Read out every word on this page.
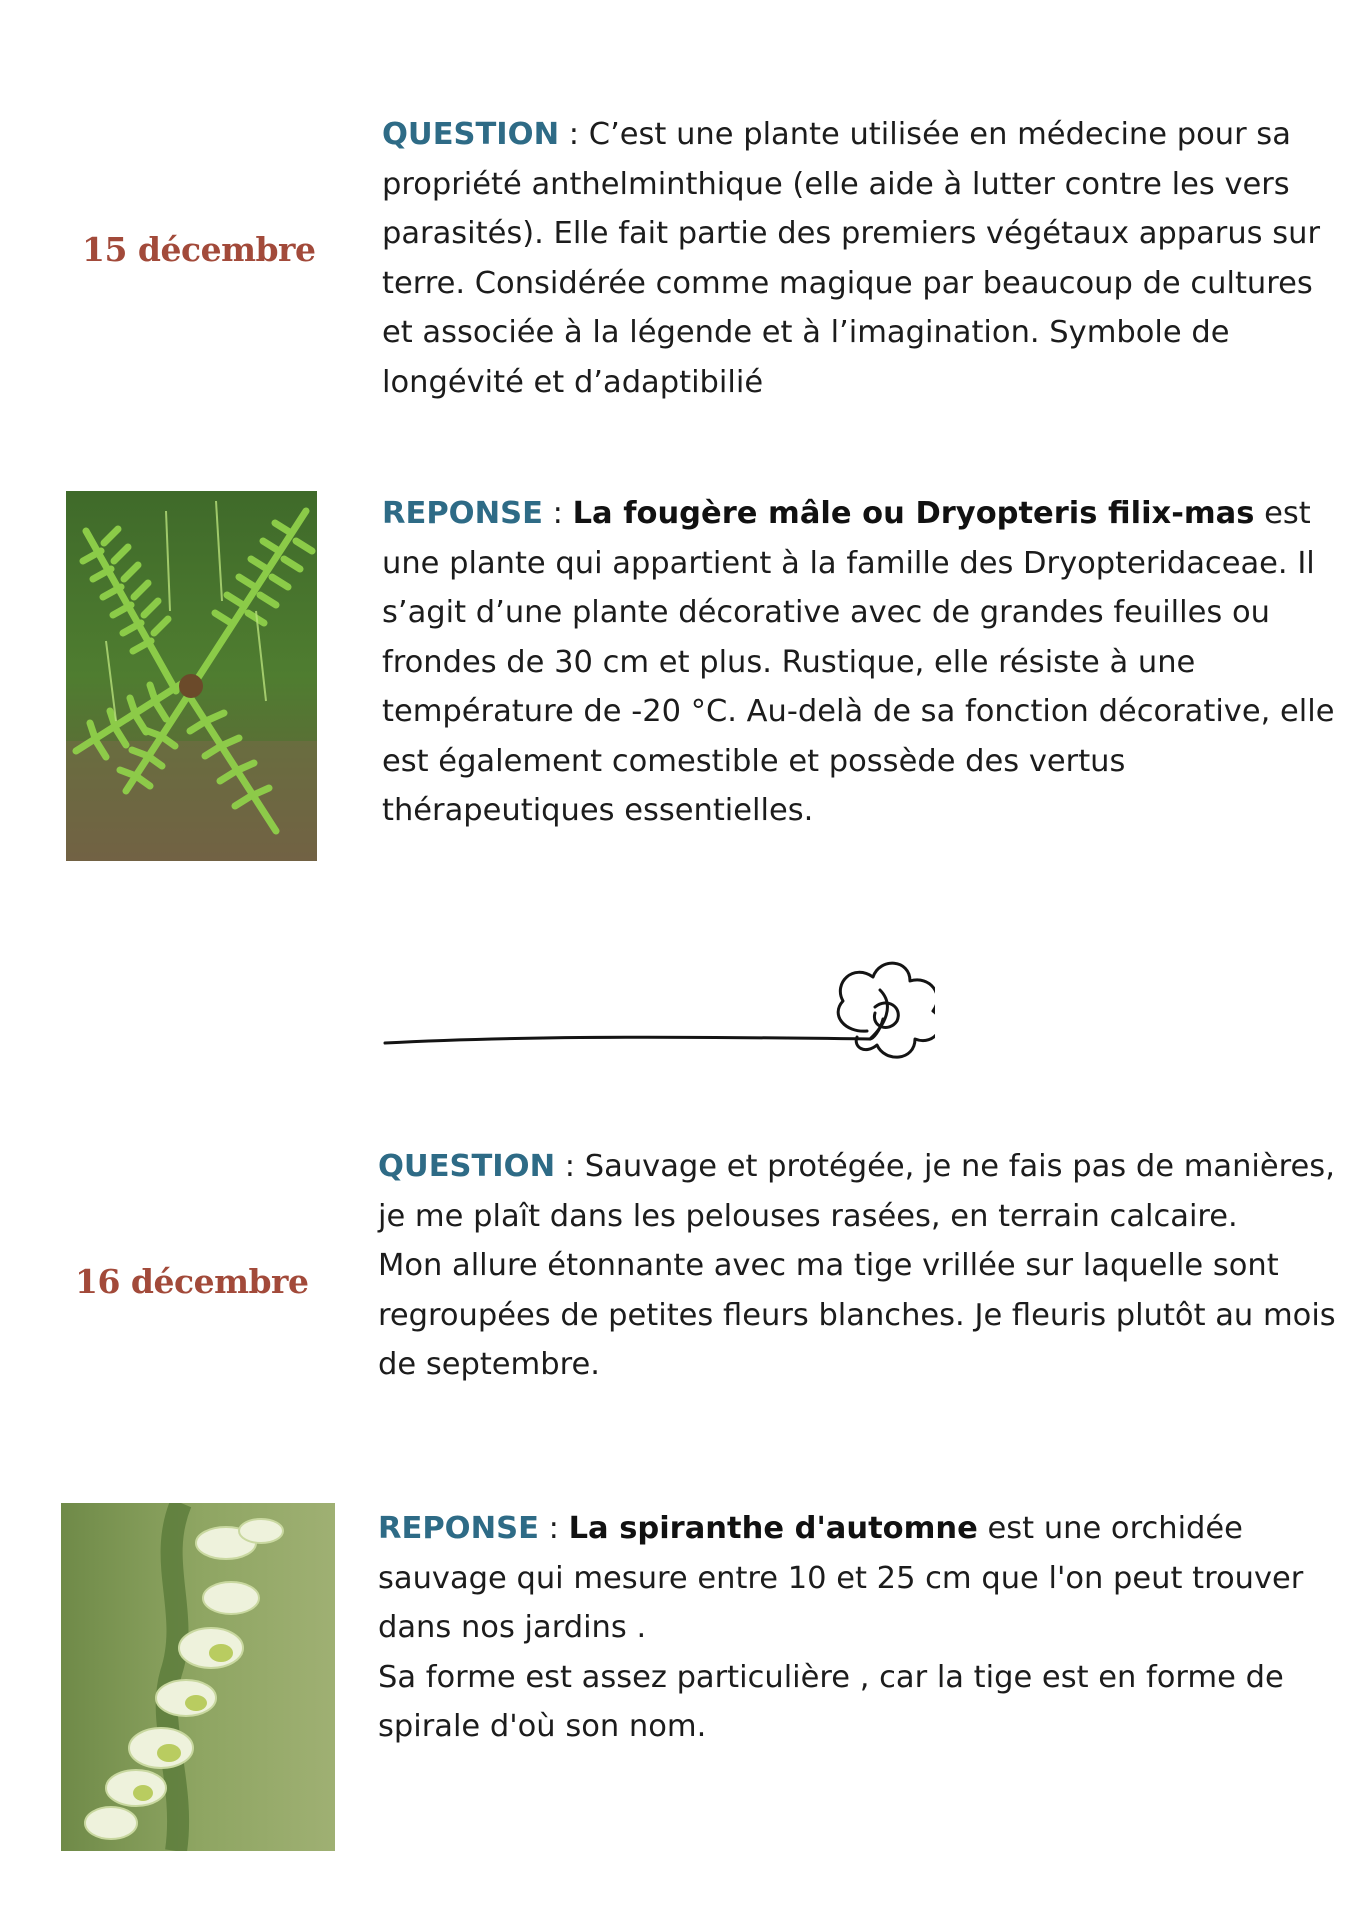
15 décembre

QUESTION : C’est une plante utilisée en médecine pour sa propriété anthelminthique (elle aide à lutter contre les vers parasités). Elle fait partie des premiers végétaux apparus sur terre. Considérée comme magique par beaucoup de cultures et associée à la légende et à l’imagination. Symbole de longévité et d’adaptibilié

REPONSE : La fougère mâle ou Dryopteris filix-mas est une plante qui appartient à la famille des Dryopteridaceae. Il s’agit d’une plante décorative avec de grandes feuilles ou frondes de 30 cm et plus. Rustique, elle résiste à une température de -20 °C. Au-delà de sa fonction décorative, elle est également comestible et possède des vertus thérapeutiques essentielles.

16 décembre

QUESTION : Sauvage et protégée, je ne fais pas de manières, je me plaît dans les pelouses rasées, en terrain calcaire.

Mon allure étonnante avec ma tige vrillée sur laquelle sont regroupées de petites fleurs blanches. Je fleuris plutôt au mois de septembre.

REPONSE : La spiranthe d'automne est une orchidée sauvage qui mesure entre 10 et 25 cm que l'on peut trouver dans nos jardins .

Sa forme est assez particulière , car la tige est en forme de spirale d'où son nom.
